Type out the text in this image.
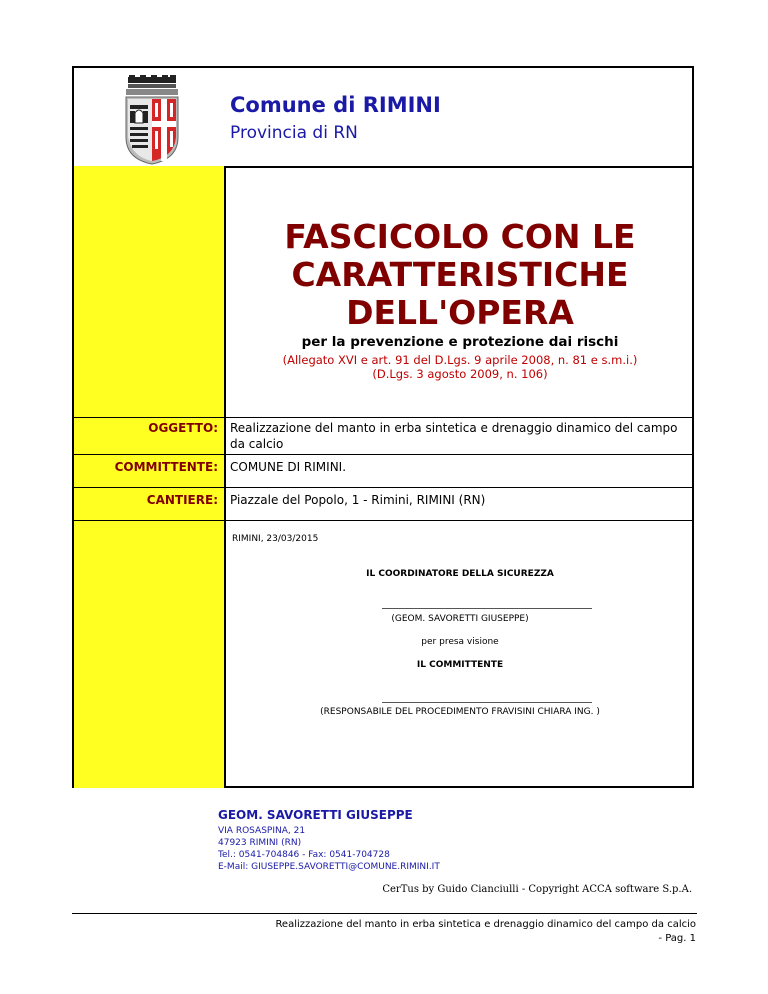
Comune di RIMINI
Provincia di RN
FASCICOLO CON LE
CARATTERISTICHE
DELL'OPERA
per la prevenzione e protezione dai rischi
(Allegato XVI e art. 91 del D.Lgs. 9 aprile 2008, n. 81 e s.m.i.)
(D.Lgs. 3 agosto 2009, n. 106)
OGGETTO: Realizzazione del manto in erba sintetica e drenaggio dinamico del campo da calcio
COMMITTENTE: COMUNE DI RIMINI.
CANTIERE: Piazzale del Popolo, 1 - Rimini, RIMINI (RN)
RIMINI, 23/03/2015
IL COORDINATORE DELLA SICUREZZA
(GEOM. SAVORETTI GIUSEPPE)
per presa visione
IL COMMITTENTE
(RESPONSABILE DEL PROCEDIMENTO FRAVISINI CHIARA ING. )
GEOM. SAVORETTI GIUSEPPE
VIA ROSASPINA, 21
47923 RIMINI (RN)
Tel.: 0541-704846 - Fax: 0541-704728
E-Mail: GIUSEPPE.SAVORETTI@COMUNE.RIMINI.IT
CerTus by Guido Cianciulli - Copyright ACCA software S.p.A.
Realizzazione del manto in erba sintetica e drenaggio dinamico del campo da calcio
- Pag. 1
